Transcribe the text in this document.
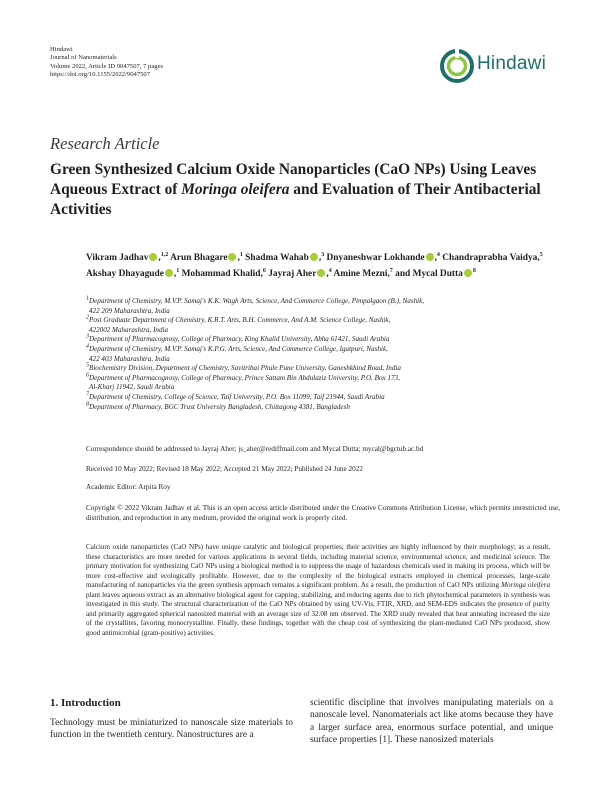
Hindawi
Journal of Nanomaterials
Volume 2022, Article ID 9047507, 7 pages
https://doi.org/10.1155/2022/9047507
Hindawi
Research Article
Green Synthesized Calcium Oxide Nanoparticles (CaO NPs) Using Leaves Aqueous Extract of Moringa oleifera and Evaluation of Their Antibacterial Activities
Vikram Jadhav ,$^{1,2}$ Arun Bhagare ,$^1$ Shadma Wahab ,$^3$ Dnyaneshwar Lokhande ,$^4$ Chandraprabha Vaidya,$^5$ Akshay Dhayagude ,$^1$ Mohammad Khalid,$^6$ Jayraj Aher ,$^4$ Amine Mezni,$^7$ and Mycal Dutta $^8$
$^1$Department of Chemistry, M.V.P. Samaj's K.K. Wagh Arts, Science, And Commerce College, Pimpalgaon (B.), Nashik,
422 209 Maharashtra, India
$^2$Post Graduate Department of Chemistry, K.R.T. Arts, B.H. Commerce, And A.M. Science College, Nashik,
422002 Maharashtra, India
$^3$Department of Pharmacognosy, College of Pharmacy, King Khalid University, Abha 61421, Saudi Arabia
$^4$Department of Chemistry, M.V.P. Samaj's K.P.G. Arts, Science, And Commerce College, Igatpuri, Nashik,
422 403 Maharashtra, India
$^5$Biochemistry Division, Department of Chemistry, Savitribai Phule Pune University, Ganeshkhind Road, India
$^6$Department of Pharmacognosy, College of Pharmacy, Prince Sattam Bin Abdulaziz University, P.O. Box 173,
Al-Kharj 11942, Saudi Arabia
$^7$Department of Chemistry, College of Science, Taif University, P.O. Box 11099, Taif 21944, Saudi Arabia
$^8$Department of Pharmacy, BGC Trust University Bangladesh, Chittagong 4381, Bangladesh
Correspondence should be addressed to Jayraj Aher; js_aher@rediffmail.com and Mycal Dutta; mycal@bgctub.ac.bd
Received 10 May 2022; Revised 18 May 2022; Accepted 21 May 2022; Published 24 June 2022
Academic Editor: Arpita Roy
Copyright © 2022 Vikram Jadhav et al. This is an open access article distributed under the Creative Commons Attribution License, which permits unrestricted use, distribution, and reproduction in any medium, provided the original work is properly cited.
Calcium oxide nanoparticles (CaO NPs) have unique catalytic and biological properties; their activities are highly influenced by their morphology; as a result, these characteristics are more needed for various applications in several fields, including material science, environmental science, and medicinal science. The primary motivation for synthesizing CaO NPs using a biological method is to suppress the usage of hazardous chemicals used in making its process, which will be more cost-effective and ecologically profitable. However, due to the complexity of the biological extracts employed in chemical processes, large-scale manufacturing of nanoparticles via the green synthesis approach remains a significant problem. As a result, the production of CaO NPs utilizing Moringa oleifera plant leaves aqueous extract as an alternative biological agent for capping, stabilizing, and reducing agents due to rich phytochemical parameters in synthesis was investigated in this study. The structural characterization of the CaO NPs obtained by using UV-Vis, FTIR, XRD, and SEM-EDS indicates the presence of purity and primarily aggregated spherical nanosized material with an average size of 32.08 nm observed. The XRD study revealed that heat annealing increased the size of the crystallites, favoring monocrystalline. Finally, these findings, together with the cheap cost of synthesizing the plant-mediated CaO NPs produced, show good antimicrobial (gram-positive) activities.
1. Introduction
Technology must be miniaturized to nanoscale size materials to function in the twentieth century. Nanostructures are a
scientific discipline that involves manipulating materials on a nanoscale level. Nanomaterials act like atoms because they have a larger surface area, enormous surface potential, and unique surface properties [1]. These nanosized materials
